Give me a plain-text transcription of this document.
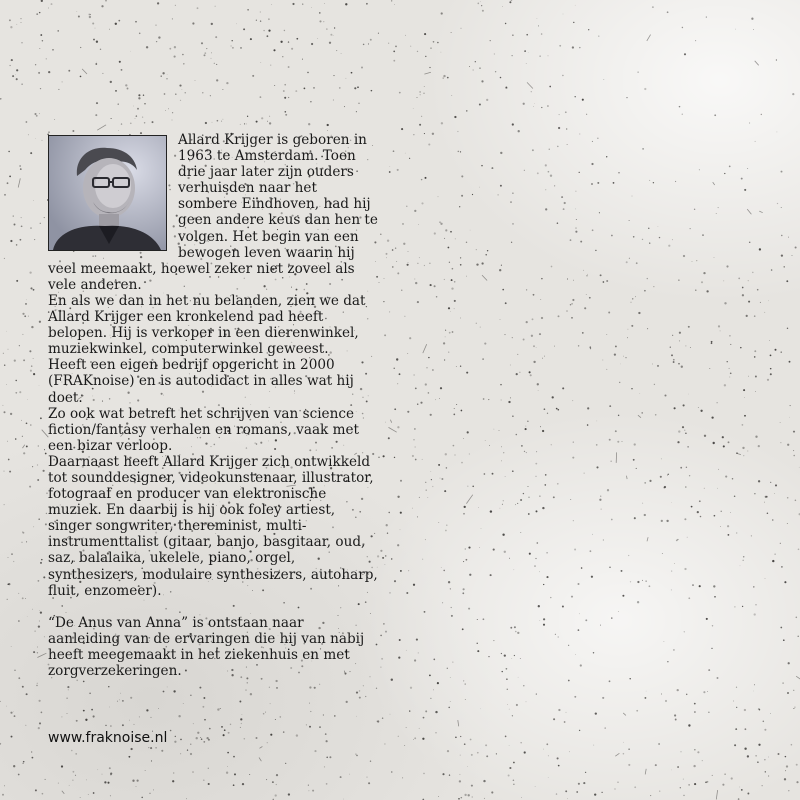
Allard Krijger is geboren in 1963 te Amsterdam. Toen drie jaar later zijn ouders verhuisden naar het sombere Eindhoven, had hij geen andere keus dan hen te volgen. Het begin van een bewogen leven waarin hij veel meemaakt, hoewel zeker niet zoveel als vele anderen.

En als we dan in het nu belanden, zien we dat Allard Krijger een kronkelend pad heeft belopen. Hij is verkoper in een dierenwinkel, muziekwinkel, computerwinkel geweest.

Heeft een eigen bedrijf opgericht in 2000 (FRAKnoise) en is autodidact in alles wat hij doet.

Zo ook wat betreft het schrijven van science fiction/fantasy verhalen en romans, vaak met een bizar verloop.

Daarnaast heeft Allard Krijger zich ontwikkeld tot sounddesigner, videokunstenaar, illustrator, fotograaf en producer van elektronische muziek. En daarbij is hij ook foley artiest, singer songwriter, thereminist, multi-instrumenttalist (gitaar, banjo, basgitaar, oud, saz, balalaika, ukelele, piano, orgel, synthesizers, modulaire synthesizers, autoharp, fluit, enzomeer).

“De Anus van Anna” is ontstaan naar aanleiding van de ervaringen die hij van nabij heeft meegemaakt in het ziekenhuis en met zorgverzekeringen.

www.fraknoise.nl
